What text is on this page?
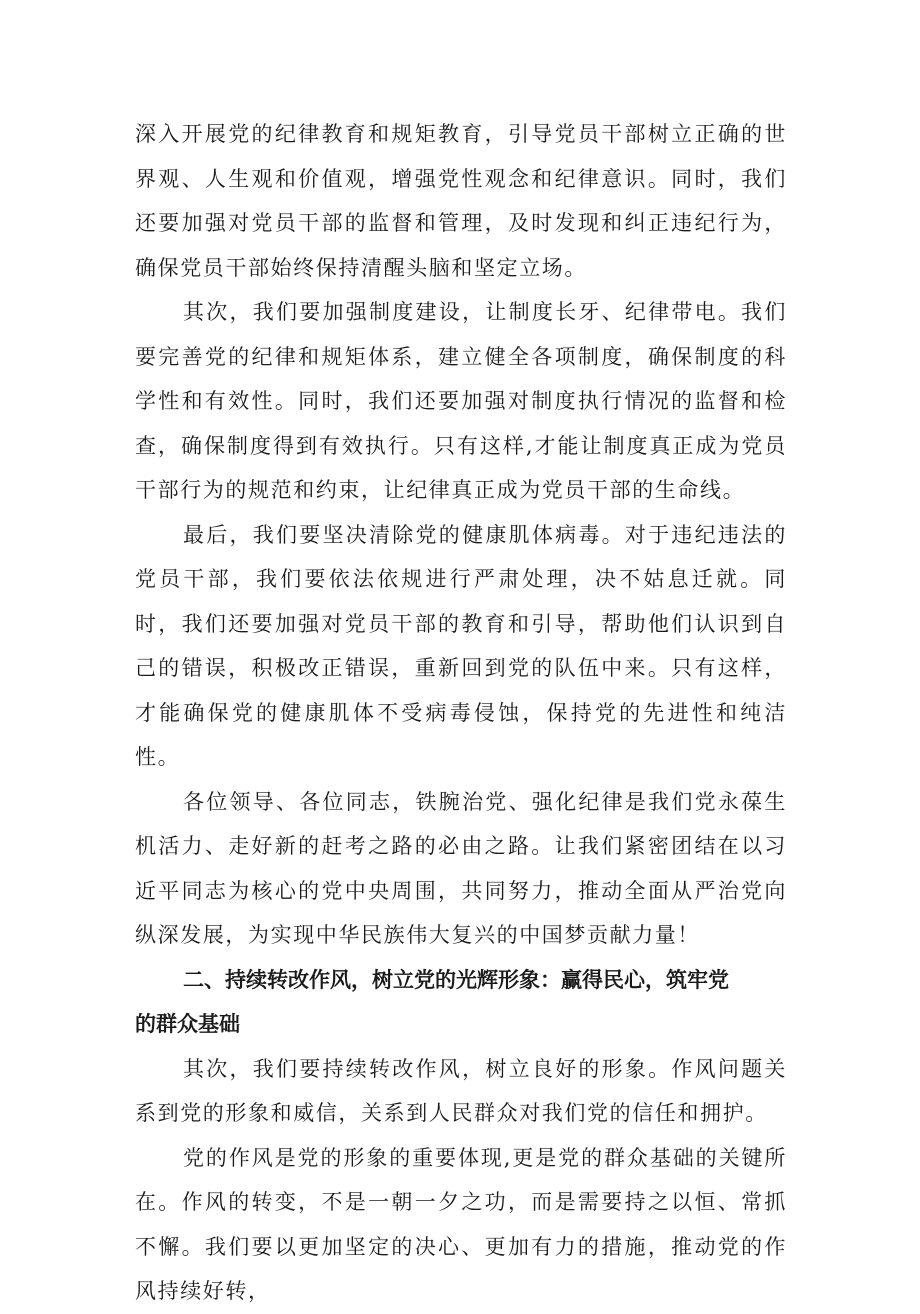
深入开展党的纪律教育和规矩教育，引导党员干部树立正确的世界观、人生观和价值观，增强党性观念和纪律意识。同时，我们还要加强对党员干部的监督和管理，及时发现和纠正违纪行为，确保党员干部始终保持清醒头脑和坚定立场。

其次，我们要加强制度建设，让制度长牙、纪律带电。我们要完善党的纪律和规矩体系，建立健全各项制度，确保制度的科学性和有效性。同时，我们还要加强对制度执行情况的监督和检查，确保制度得到有效执行。只有这样,才能让制度真正成为党员干部行为的规范和约束，让纪律真正成为党员干部的生命线。

最后，我们要坚决清除党的健康肌体病毒。对于违纪违法的党员干部，我们要依法依规进行严肃处理，决不姑息迁就。同时，我们还要加强对党员干部的教育和引导，帮助他们认识到自己的错误，积极改正错误，重新回到党的队伍中来。只有这样，才能确保党的健康肌体不受病毒侵蚀，保持党的先进性和纯洁性。

各位领导、各位同志，铁腕治党、强化纪律是我们党永葆生机活力、走好新的赶考之路的必由之路。让我们紧密团结在以习近平同志为核心的党中央周围，共同努力，推动全面从严治党向纵深发展，为实现中华民族伟大复兴的中国梦贡献力量！

二、持续转改作风，树立党的光辉形象：赢得民心，筑牢党的群众基础

其次，我们要持续转改作风，树立良好的形象。作风问题关系到党的形象和威信，关系到人民群众对我们党的信任和拥护。

党的作风是党的形象的重要体现,更是党的群众基础的关键所在。作风的转变，不是一朝一夕之功，而是需要持之以恒、常抓不懈。我们要以更加坚定的决心、更加有力的措施，推动党的作风持续好转，
